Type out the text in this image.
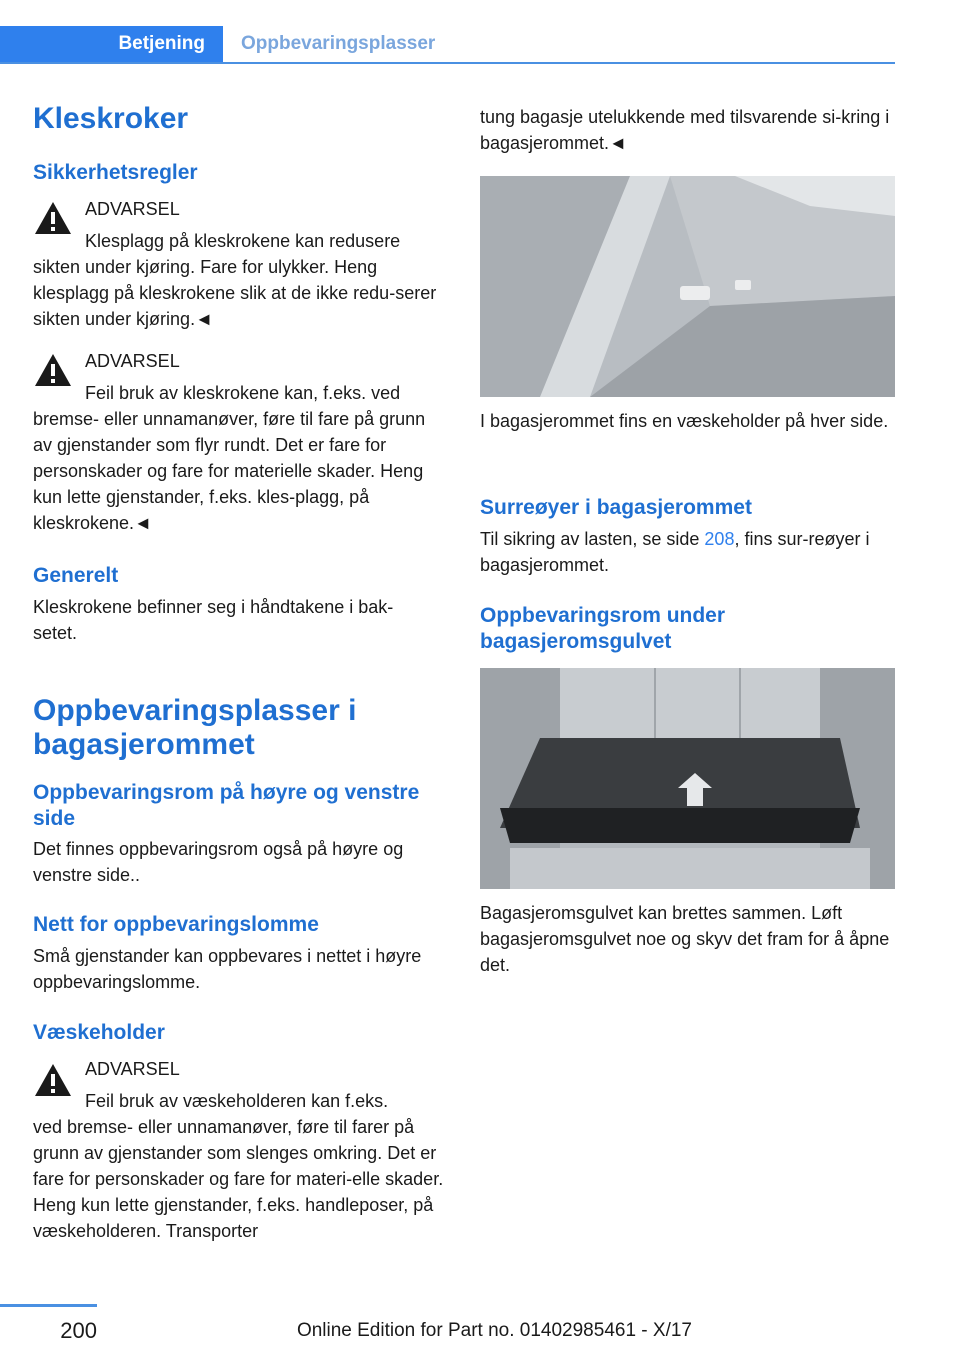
Betjening	Oppbevaringsplasser
Kleskroker
Sikkerhetsregler

ADVARSEL

Klesplagg på kleskrokene kan redusere

sikten under kjøring. Fare for ulykker. Heng klesplagg på kleskrokene slik at de ikke redu-serer sikten under kjøring.◄

ADVARSEL

Feil bruk av kleskrokene kan, f.eks. ved

bremse- eller unnamanøver, føre til fare på grunn av gjenstander som flyr rundt. Det er fare for personskader og fare for materielle skader. Heng kun lette gjenstander, f.eks. kles-plagg, på kleskrokene.◄

Generelt

Kleskrokene befinner seg i håndtakene i bak-setet.

Oppbevaringsplasser i bagasjerommet
Oppbevaringsrom på høyre og venstre side

Det finnes oppbevaringsrom også på høyre og venstre side..

Nett for oppbevaringslomme

Små gjenstander kan oppbevares i nettet i høyre oppbevaringslomme.

Væskeholder

ADVARSEL

Feil bruk av væskeholderen kan f.eks.

ved bremse- eller unnamanøver, føre til farer på grunn av gjenstander som slenges omkring. Det er fare for personskader og fare for materi-elle skader. Heng kun lette gjenstander, f.eks. handleposer, på væskeholderen. Transporter

tung bagasje utelukkende med tilsvarende si-kring i bagasjerommet.◄

I bagasjerommet fins en væskeholder på hver side.

Surreøyer i bagasjerommet

Til sikring av lasten, se side 208, fins sur-reøyer i bagasjerommet.

Oppbevaringsrom under bagasjeromsgulvet

Bagasjeromsgulvet kan brettes sammen. Løft bagasjeromsgulvet noe og skyv det fram for å åpne det.

200	Online Edition for Part no. 01402985461 - X/17
